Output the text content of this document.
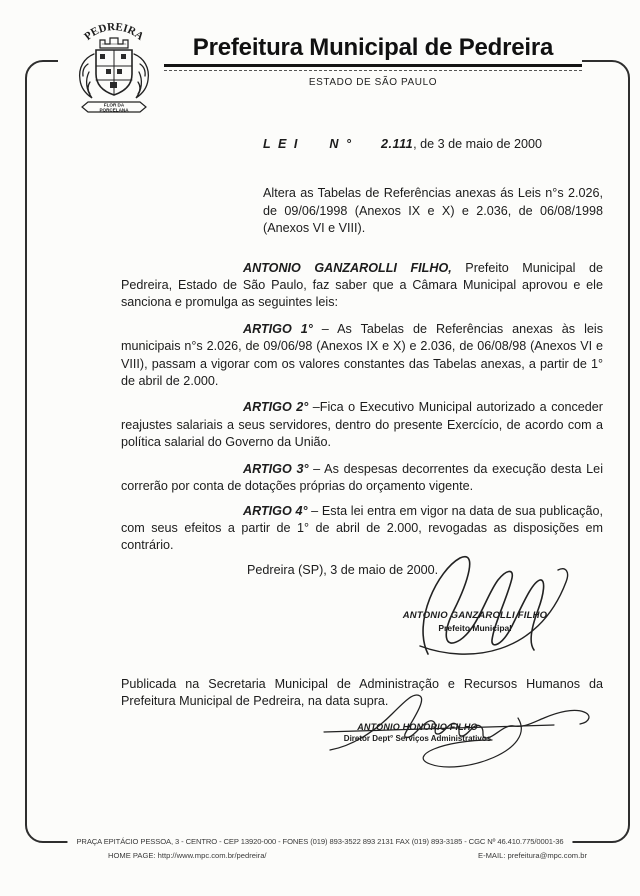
PEDREIRA
FLOR DA
PORCELANA
Prefeitura Municipal de Pedreira
ESTADO DE SÃO PAULO
L E I N ° 2.111, de 3 de maio de 2000

Altera as Tabelas de Referências anexas ás Leis n°s 2.026, de 09/06/1998 (Anexos IX e X) e 2.036, de 06/08/1998 (Anexos VI e VIII).

ANTONIO GANZAROLLI FILHO, Prefeito Municipal de Pedreira, Estado de São Paulo, faz saber que a Câmara Municipal aprovou e ele sanciona e promulga as seguintes leis:

ARTIGO 1° – As Tabelas de Referências anexas às leis municipais n°s 2.026, de 09/06/98 (Anexos IX e X) e 2.036, de 06/08/98 (Anexos VI e VIII), passam a vigorar com os valores constantes das Tabelas anexas, a partir de 1° de abril de 2.000.

ARTIGO 2° –Fica o Executivo Municipal autorizado a conceder reajustes salariais a seus servidores, dentro do presente Exercício, de acordo com a política salarial do Governo da União.

ARTIGO 3° – As despesas decorrentes da execução desta Lei correrão por conta de dotações próprias do orçamento vigente.

ARTIGO 4° – Esta lei entra em vigor na data de sua publicação, com seus efeitos a partir de 1° de abril de 2.000, revogadas as disposições em contrário.

Pedreira (SP), 3 de maio de 2000.

ANTONIO GANZAROLLI FILHO
Prefeito Municipal

Publicada na Secretaria Municipal de Administração e Recursos Humanos da Prefeitura Municipal de Pedreira, na data supra.

ANTONIO HONORIO FILHO
Diretor Dept° Serviços Administrativos
PRAÇA EPITÁCIO PESSOA, 3 - CENTRO - CEP 13920-000 - FONES (019) 893-3522 893 2131 FAX (019) 893-3185 - CGC Nº 46.410.775/0001-36
HOME PAGE: http://www.mpc.com.br/pedreira/	E-MAIL: prefeitura@mpc.com.br
